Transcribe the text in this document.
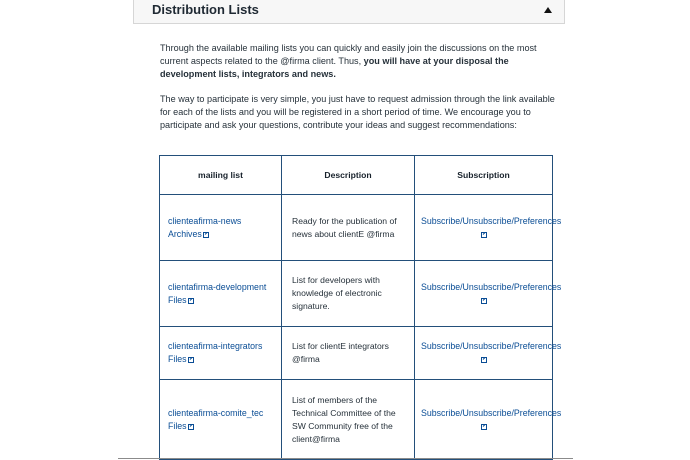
Distribution Lists

Through the available mailing lists you can quickly and easily join the discussions on the most current aspects related to the @firma client. Thus, you will have at your disposal the development lists, integrators and news.

The way to participate is very simple, you just have to request admission through the link available for each of the lists and you will be registered in a short period of time. We encourage you to participate and ask your questions, contribute your ideas and suggest recommendations:

mailing list	Description	Subscription
clienteafirma-news Archives	Ready for the publication of news about clientE @firma	Subscribe/Unsubscribe/Preferences
clientafirma-development Files	List for developers with knowledge of electronic signature.	Subscribe/Unsubscribe/Preferences
clienteafirma-integrators Files	List for clientE integrators @firma	Subscribe/Unsubscribe/Preferences
clienteafirma-comite_tec Files	List of members of the Technical Committee of the SW Community free of the client@firma	Subscribe/Unsubscribe/Preferences
